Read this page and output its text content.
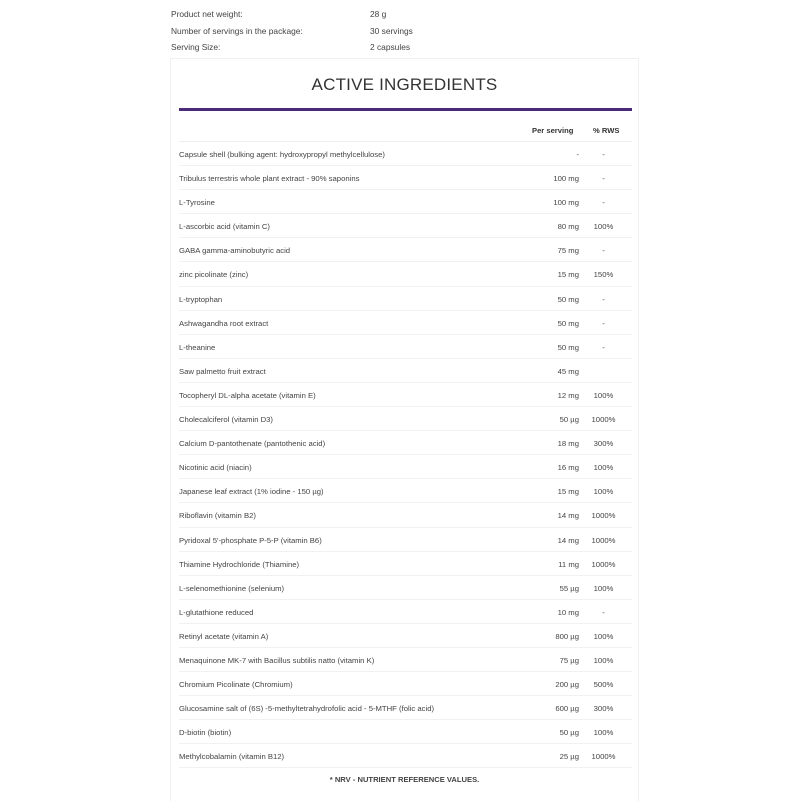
Product net weight:	28 g
Number of servings in the package:	30 servings
Serving Size:	2 capsules
ACTIVE INGREDIENTS
Per serving	% RWS
Capsule shell (bulking agent: hydroxypropyl methylcellulose)	-	-
Tribulus terrestris whole plant extract - 90% saponins	100 mg	-
L-Tyrosine	100 mg	-
L-ascorbic acid (vitamin C)	80 mg	100%
GABA gamma-aminobutyric acid	75 mg	-
zinc picolinate (zinc)	15 mg	150%
L-tryptophan	50 mg	-
Ashwagandha root extract	50 mg	-
L-theanine	50 mg	-
Saw palmetto fruit extract	45 mg
Tocopheryl DL-alpha acetate (vitamin E)	12 mg	100%
Cholecalciferol (vitamin D3)	50 µg	1000%
Calcium D-pantothenate (pantothenic acid)	18 mg	300%
Nicotinic acid (niacin)	16 mg	100%
Japanese leaf extract (1% iodine - 150 µg)	15 mg	100%
Riboflavin (vitamin B2)	14 mg	1000%
Pyridoxal 5'-phosphate P-5-P (vitamin B6)	14 mg	1000%
Thiamine Hydrochloride (Thiamine)	11 mg	1000%
L-selenomethionine (selenium)	55 µg	100%
L-glutathione reduced	10 mg	-
Retinyl acetate (vitamin A)	800 µg	100%
Menaquinone MK-7 with Bacillus subtilis natto (vitamin K)	75 µg	100%
Chromium Picolinate (Chromium)	200 µg	500%
Glucosamine salt of (6S) -5-methyltetrahydrofolic acid - 5-MTHF (folic acid)	600 µg	300%
D-biotin (biotin)	50 µg	100%
Methylcobalamin (vitamin B12)	25 µg	1000%
* NRV - NUTRIENT REFERENCE VALUES.
